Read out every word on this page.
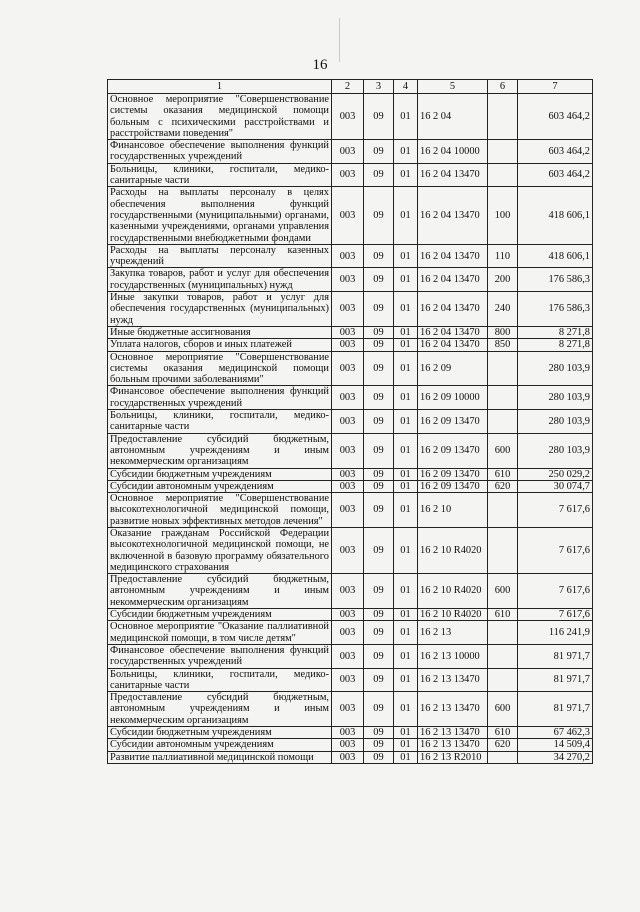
16
1	2	3	4	5	6	7
Основное мероприятие "Совершенствование системы оказания медицинской помощи больным с психическими расстройствами и расстройствами поведения"	003	09	01	16 2 04		603 464,2
Финансовое обеспечение выполнения функций государственных учреждений	003	09	01	16 2 04 10000		603 464,2
Больницы, клиники, госпитали, медико-санитарные части	003	09	01	16 2 04 13470		603 464,2
Расходы на выплаты персоналу в целях обеспечения выполнения функций государственными (муниципальными) органами, казенными учреждениями, органами управления государственными внебюджетными фондами	003	09	01	16 2 04 13470	100	418 606,1
Расходы на выплаты персоналу казенных учреждений	003	09	01	16 2 04 13470	110	418 606,1
Закупка товаров, работ и услуг для обеспечения государственных (муниципальных) нужд	003	09	01	16 2 04 13470	200	176 586,3
Иные закупки товаров, работ и услуг для обеспечения государственных (муниципальных) нужд	003	09	01	16 2 04 13470	240	176 586,3
Иные бюджетные ассигнования	003	09	01	16 2 04 13470	800	8 271,8
Уплата налогов, сборов и иных платежей	003	09	01	16 2 04 13470	850	8 271,8
Основное мероприятие "Совершенствование системы оказания медицинской помощи больным прочими заболеваниями"	003	09	01	16 2 09		280 103,9
Финансовое обеспечение выполнения функций государственных учреждений	003	09	01	16 2 09 10000		280 103,9
Больницы, клиники, госпитали, медико-санитарные части	003	09	01	16 2 09 13470		280 103,9
Предоставление субсидий бюджетным, автономным учреждениям и иным некоммерческим организациям	003	09	01	16 2 09 13470	600	280 103,9
Субсидии бюджетным учреждениям	003	09	01	16 2 09 13470	610	250 029,2
Субсидии автономным учреждениям	003	09	01	16 2 09 13470	620	30 074,7
Основное мероприятие "Совершенствование высокотехнологичной медицинской помощи, развитие новых эффективных методов лечения"	003	09	01	16 2 10		7 617,6
Оказание гражданам Российской Федерации высокотехнологичной медицинской помощи, не включенной в базовую программу обязательного медицинского страхования	003	09	01	16 2 10 R4020		7 617,6
Предоставление субсидий бюджетным, автономным учреждениям и иным некоммерческим организациям	003	09	01	16 2 10 R4020	600	7 617,6
Субсидии бюджетным учреждениям	003	09	01	16 2 10 R4020	610	7 617,6
Основное мероприятие "Оказание паллиативной медицинской помощи, в том числе детям"	003	09	01	16 2 13		116 241,9
Финансовое обеспечение выполнения функций государственных учреждений	003	09	01	16 2 13 10000		81 971,7
Больницы, клиники, госпитали, медико-санитарные части	003	09	01	16 2 13 13470		81 971,7
Предоставление субсидий бюджетным, автономным учреждениям и иным некоммерческим организациям	003	09	01	16 2 13 13470	600	81 971,7
Субсидии бюджетным учреждениям	003	09	01	16 2 13 13470	610	67 462,3
Субсидии автономным учреждениям	003	09	01	16 2 13 13470	620	14 509,4
Развитие паллиативной медицинской помощи	003	09	01	16 2 13 R2010		34 270,2
